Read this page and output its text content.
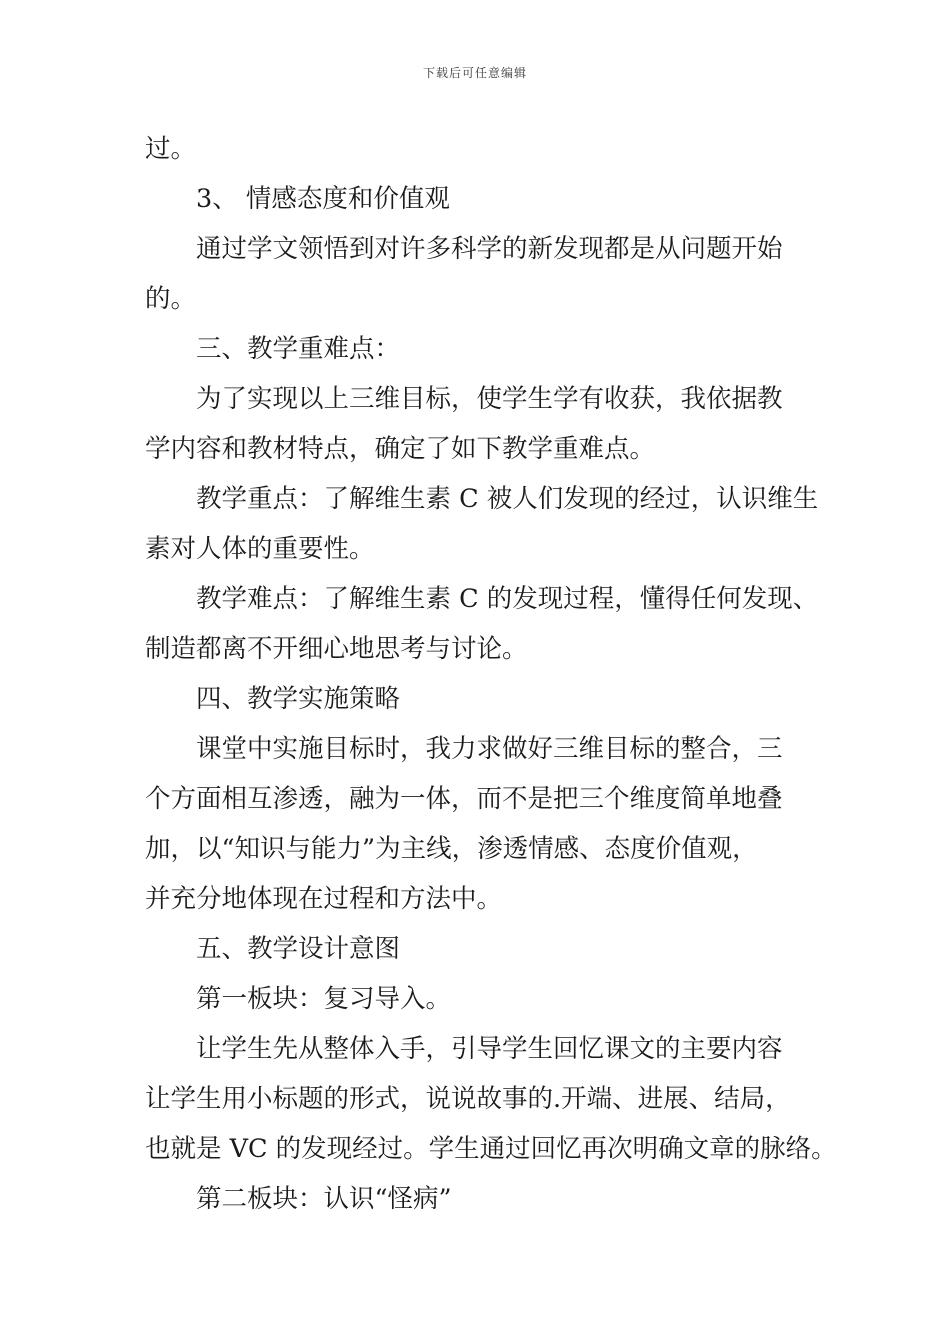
下载后可任意编辑
过。
3、 情感态度和价值观
通过学文领悟到对许多科学的新发现都是从问题开始
的。
三、教学重难点：
为了实现以上三维目标，使学生学有收获，我依据教
学内容和教材特点，确定了如下教学重难点。
教学重点：了解维生素 C 被人们发现的经过，认识维生
素对人体的重要性。
教学难点：了解维生素 C 的发现过程，懂得任何发现、
制造都离不开细心地思考与讨论。
四、教学实施策略
课堂中实施目标时，我力求做好三维目标的整合，三
个方面相互渗透，融为一体，而不是把三个维度简单地叠
加，以“知识与能力”为主线，渗透情感、态度价值观，
并充分地体现在过程和方法中。
五、教学设计意图
第一板块：复习导入。
让学生先从整体入手，引导学生回忆课文的主要内容
让学生用小标题的形式，说说故事的.开端、进展、结局，
也就是 VC 的发现经过。学生通过回忆再次明确文章的脉络。
第二板块：认识“怪病”
